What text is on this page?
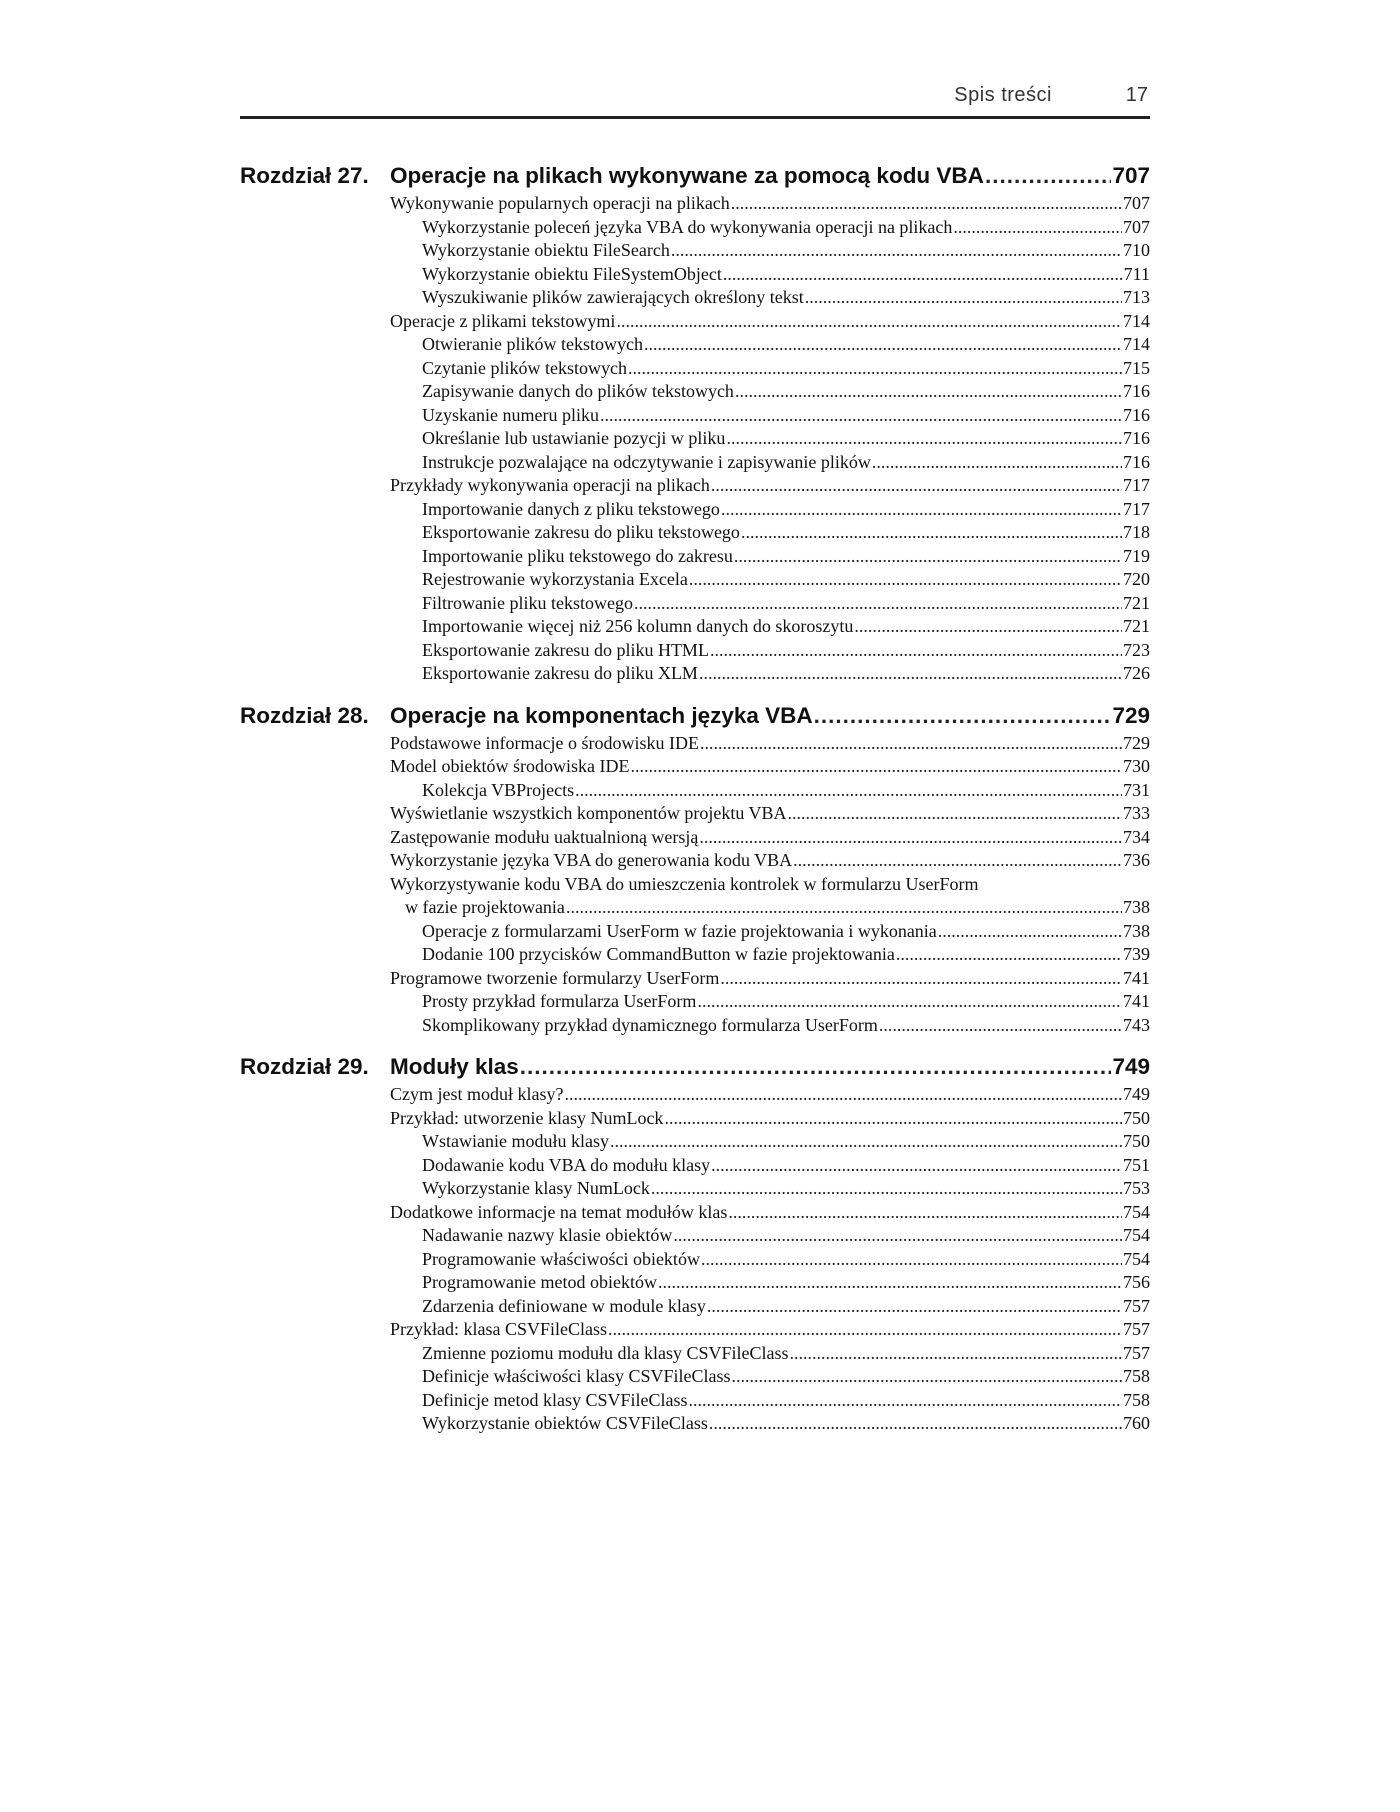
Spis treści	17
Rozdział 27. Operacje na plikach wykonywane za pomocą kodu VBA .....	707
Wykonywanie popularnych operacji na plikach .....	707
Wykorzystanie poleceń języka VBA do wykonywania operacji na plikach .....	707
Wykorzystanie obiektu FileSearch .....	710
Wykorzystanie obiektu FileSystemObject .....	711
Wyszukiwanie plików zawierających określony tekst .....	713
Operacje z plikami tekstowymi .....	714
Otwieranie plików tekstowych .....	714
Czytanie plików tekstowych .....	715
Zapisywanie danych do plików tekstowych .....	716
Uzyskanie numeru pliku .....	716
Określanie lub ustawianie pozycji w pliku .....	716
Instrukcje pozwalające na odczytywanie i zapisywanie plików .....	716
Przykłady wykonywania operacji na plikach .....	717
Importowanie danych z pliku tekstowego .....	717
Eksportowanie zakresu do pliku tekstowego .....	718
Importowanie pliku tekstowego do zakresu .....	719
Rejestrowanie wykorzystania Excela .....	720
Filtrowanie pliku tekstowego .....	721
Importowanie więcej niż 256 kolumn danych do skoroszytu .....	721
Eksportowanie zakresu do pliku HTML .....	723
Eksportowanie zakresu do pliku XLM .....	726
Rozdział 28. Operacje na komponentach języka VBA .....	729
Podstawowe informacje o środowisku IDE .....	729
Model obiektów środowiska IDE .....	730
Kolekcja VBProjects .....	731
Wyświetlanie wszystkich komponentów projektu VBA .....	733
Zastępowanie modułu uaktualnioną wersją .....	734
Wykorzystanie języka VBA do generowania kodu VBA .....	736
Wykorzystywanie kodu VBA do umieszczenia kontrolek w formularzu UserForm
w fazie projektowania .....	738
Operacje z formularzami UserForm w fazie projektowania i wykonania .....	738
Dodanie 100 przycisków CommandButton w fazie projektowania .....	739
Programowe tworzenie formularzy UserForm .....	741
Prosty przykład formularza UserForm .....	741
Skomplikowany przykład dynamicznego formularza UserForm .....	743
Rozdział 29. Moduły klas .....	749
Czym jest moduł klasy? .....	749
Przykład: utworzenie klasy NumLock .....	750
Wstawianie modułu klasy .....	750
Dodawanie kodu VBA do modułu klasy .....	751
Wykorzystanie klasy NumLock .....	753
Dodatkowe informacje na temat modułów klas .....	754
Nadawanie nazwy klasie obiektów .....	754
Programowanie właściwości obiektów .....	754
Programowanie metod obiektów .....	756
Zdarzenia definiowane w module klasy .....	757
Przykład: klasa CSVFileClass .....	757
Zmienne poziomu modułu dla klasy CSVFileClass .....	757
Definicje właściwości klasy CSVFileClass .....	758
Definicje metod klasy CSVFileClass .....	758
Wykorzystanie obiektów CSVFileClass .....	760
